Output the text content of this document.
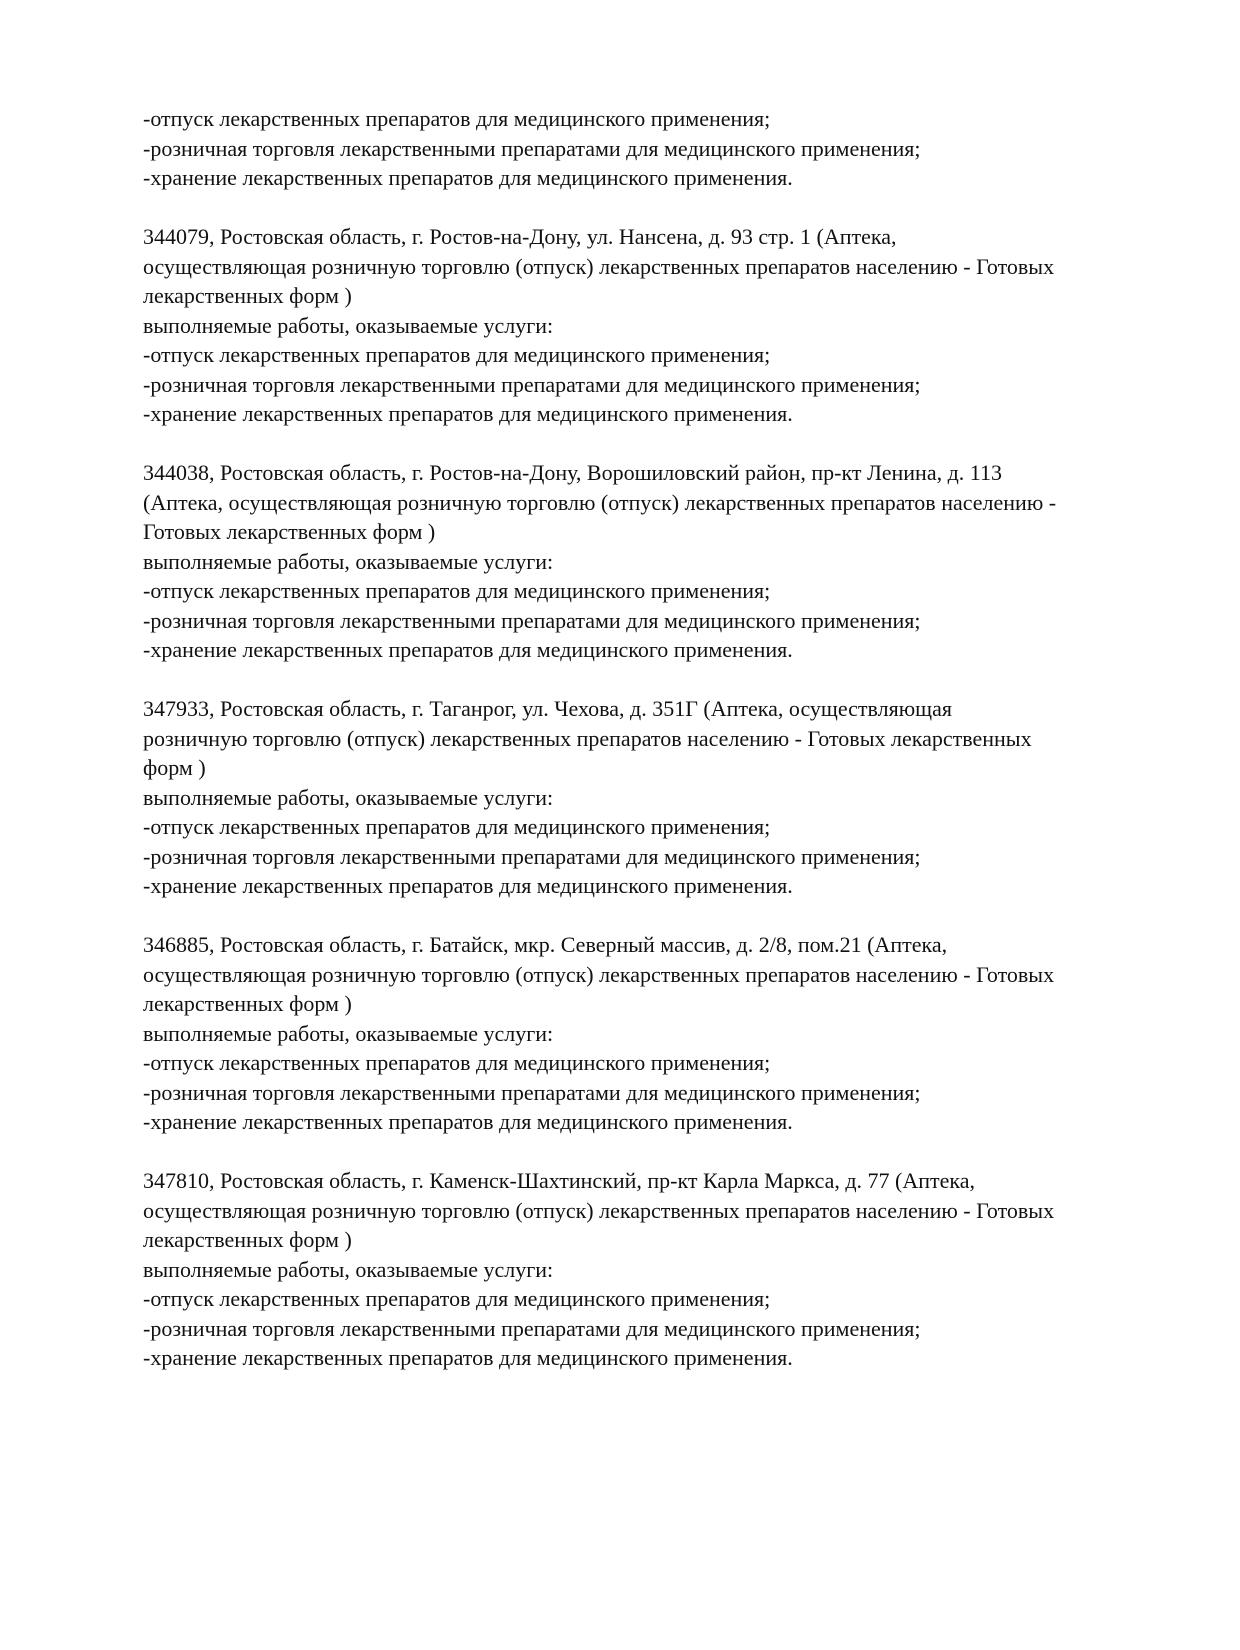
-отпуск лекарственных препаратов для медицинского применения;
-розничная торговля лекарственными препаратами для медицинского применения;
-хранение лекарственных препаратов для медицинского применения.
344079, Ростовская область, г. Ростов-на-Дону, ул. Нансена, д. 93 стр. 1 (Аптека,
осуществляющая розничную торговлю (отпуск) лекарственных препаратов населению - Готовых
лекарственных форм )
выполняемые работы, оказываемые услуги:
-отпуск лекарственных препаратов для медицинского применения;
-розничная торговля лекарственными препаратами для медицинского применения;
-хранение лекарственных препаратов для медицинского применения.
344038, Ростовская область, г. Ростов-на-Дону, Ворошиловский район, пр-кт Ленина, д. 113
(Аптека, осуществляющая розничную торговлю (отпуск) лекарственных препаратов населению -
Готовых лекарственных форм )
выполняемые работы, оказываемые услуги:
-отпуск лекарственных препаратов для медицинского применения;
-розничная торговля лекарственными препаратами для медицинского применения;
-хранение лекарственных препаратов для медицинского применения.
347933, Ростовская область, г. Таганрог, ул. Чехова, д. 351Г (Аптека, осуществляющая
розничную торговлю (отпуск) лекарственных препаратов населению - Готовых лекарственных
форм )
выполняемые работы, оказываемые услуги:
-отпуск лекарственных препаратов для медицинского применения;
-розничная торговля лекарственными препаратами для медицинского применения;
-хранение лекарственных препаратов для медицинского применения.
346885, Ростовская область, г. Батайск, мкр. Северный массив, д. 2/8, пом.21 (Аптека,
осуществляющая розничную торговлю (отпуск) лекарственных препаратов населению - Готовых
лекарственных форм )
выполняемые работы, оказываемые услуги:
-отпуск лекарственных препаратов для медицинского применения;
-розничная торговля лекарственными препаратами для медицинского применения;
-хранение лекарственных препаратов для медицинского применения.
347810, Ростовская область, г. Каменск-Шахтинский, пр-кт Карла Маркса, д. 77 (Аптека,
осуществляющая розничную торговлю (отпуск) лекарственных препаратов населению - Готовых
лекарственных форм )
выполняемые работы, оказываемые услуги:
-отпуск лекарственных препаратов для медицинского применения;
-розничная торговля лекарственными препаратами для медицинского применения;
-хранение лекарственных препаратов для медицинского применения.
